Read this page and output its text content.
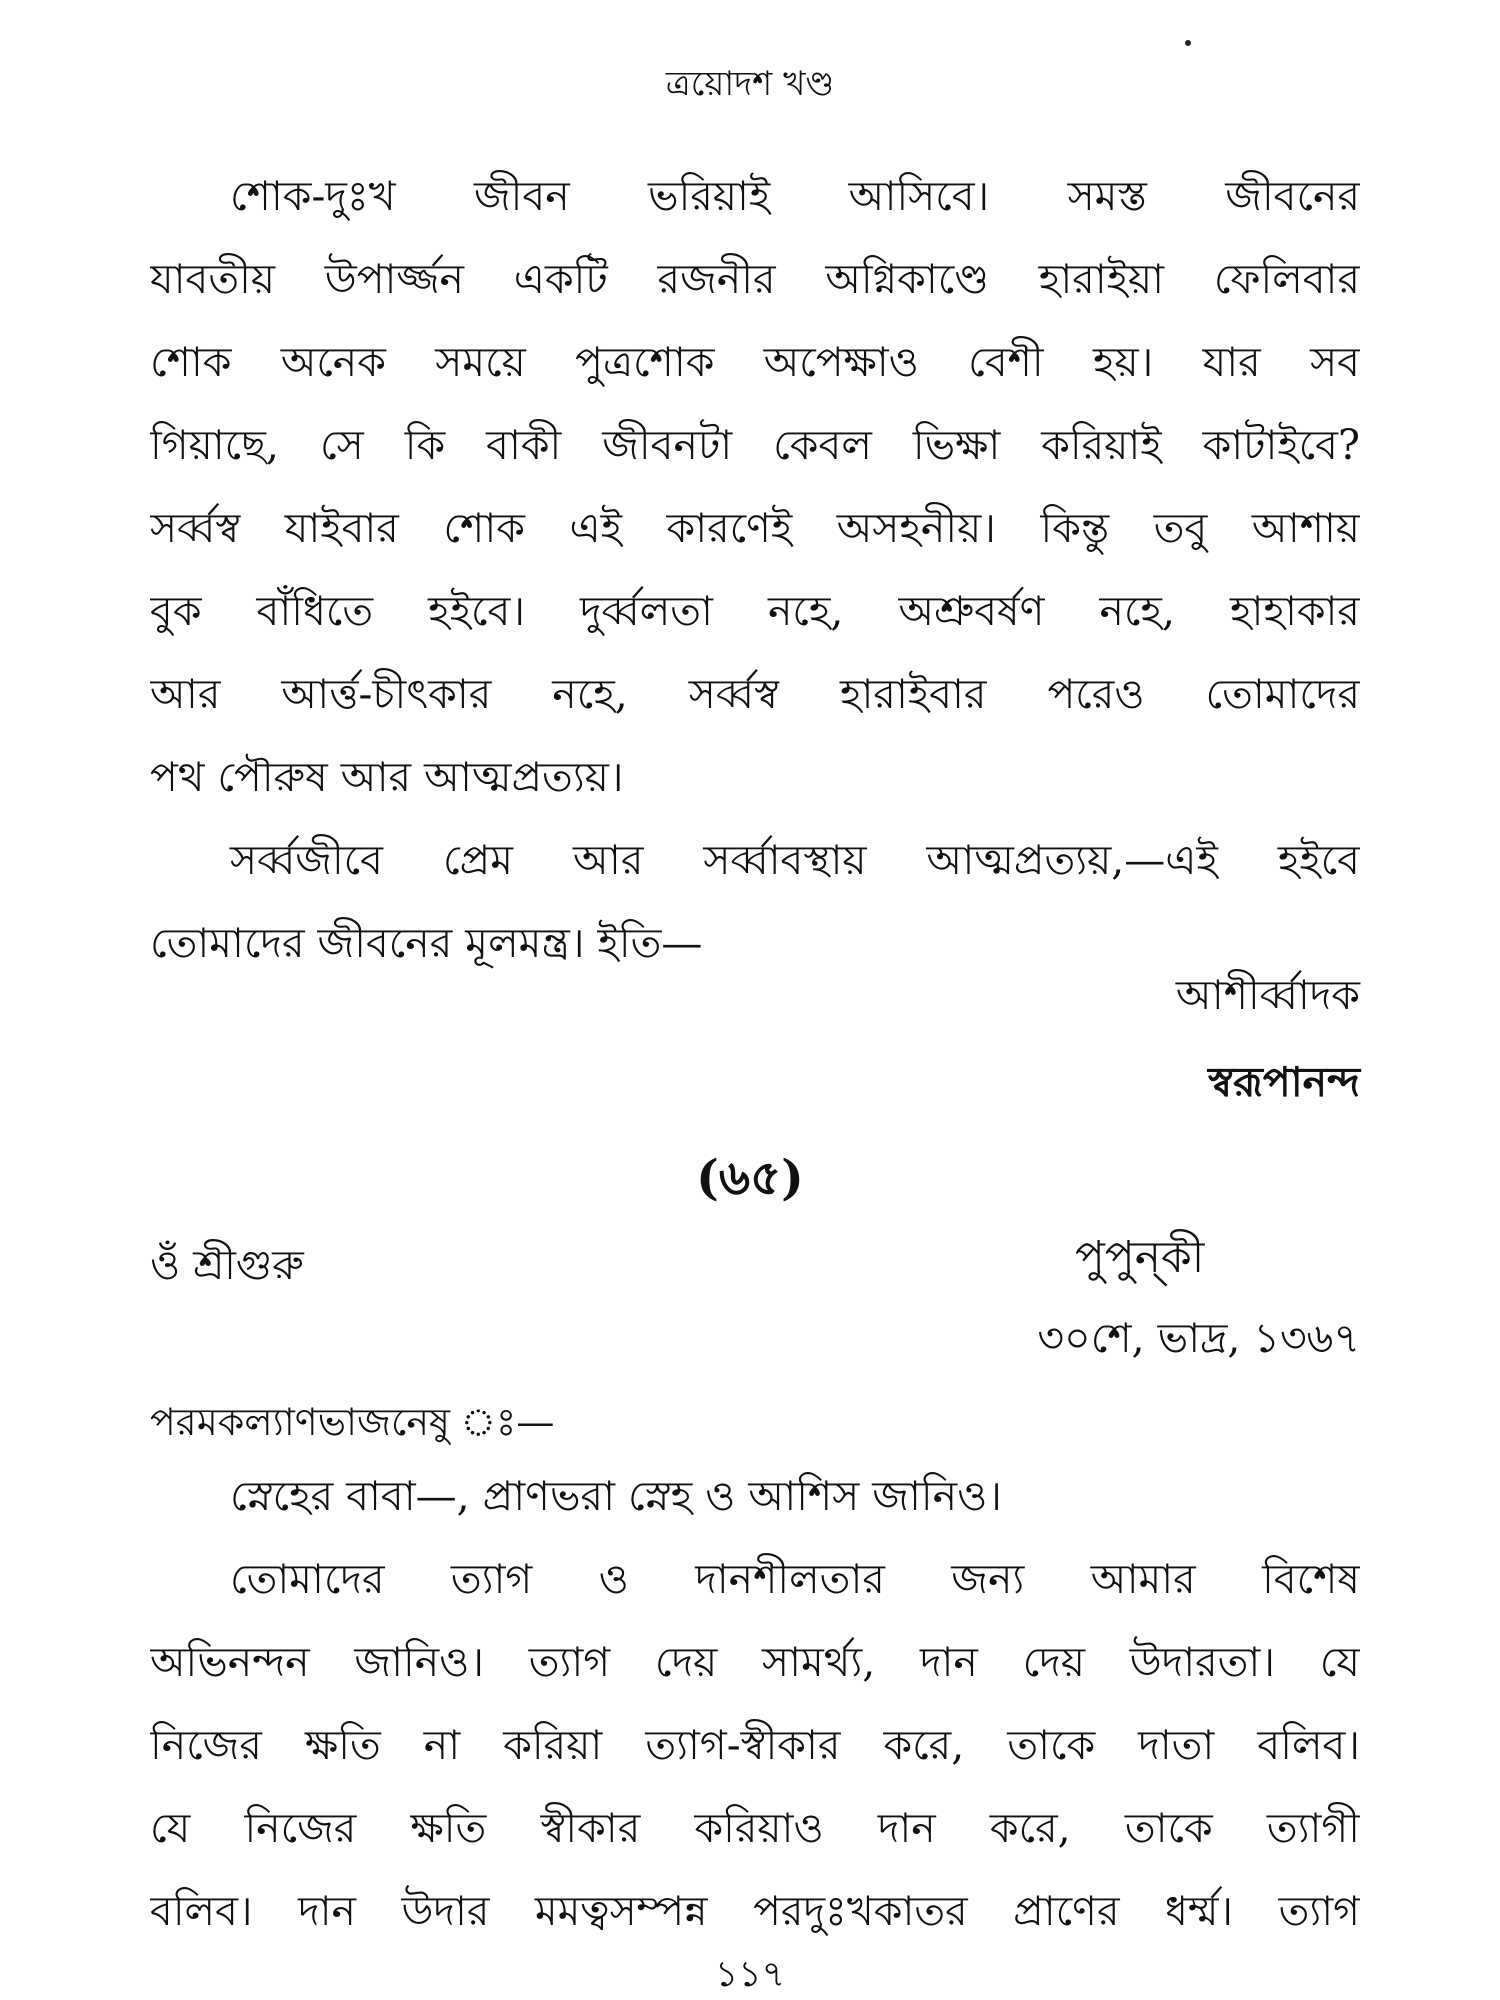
ত্রয়োদশ খণ্ড
শোক-দুঃখ জীবন ভরিয়াই আসিবে। সমস্ত জীবনের
যাবতীয় উপার্জ্জন একটি রজনীর অগ্নিকাণ্ডে হারাইয়া ফেলিবার
শোক অনেক সময়ে পুত্রশোক অপেক্ষাও বেশী হয়। যার সব
গিয়াছে, সে কি বাকী জীবনটা কেবল ভিক্ষা করিয়াই কাটাইবে?
সর্ব্বস্ব যাইবার শোক এই কারণেই অসহনীয়। কিন্তু তবু আশায়
বুক বাঁধিতে হইবে। দুর্ব্বলতা নহে, অশ্রুবর্ষণ নহে, হাহাকার
আর আর্ত্ত-চীৎকার নহে, সর্ব্বস্ব হারাইবার পরেও তোমাদের
পথ পৌরুষ আর আত্মপ্রত্যয়।
সর্ব্বজীবে প্রেম আর সর্ব্বাবস্থায় আত্মপ্রত্যয়,—এই হইবে
তোমাদের জীবনের মূলমন্ত্র। ইতি—
আশীর্ব্বাদক
স্বরূপানন্দ
(৬৫)
ওঁ শ্রীগুরু	পুপুন্‌কী
৩০শে, ভাদ্র, ১৩৬৭
পরমকল্যাণভাজনেষু ঃ—
স্নেহের বাবা—, প্রাণভরা স্নেহ ও আশিস জানিও।
তোমাদের ত্যাগ ও দানশীলতার জন্য আমার বিশেষ
অভিনন্দন জানিও। ত্যাগ দেয় সামর্থ্য, দান দেয় উদারতা। যে
নিজের ক্ষতি না করিয়া ত্যাগ-স্বীকার করে, তাকে দাতা বলিব।
যে নিজের ক্ষতি স্বীকার করিয়াও দান করে, তাকে ত্যাগী
বলিব। দান উদার মমত্বসম্পন্ন পরদুঃখকাতর প্রাণের ধর্ম্ম। ত্যাগ
১১৭
